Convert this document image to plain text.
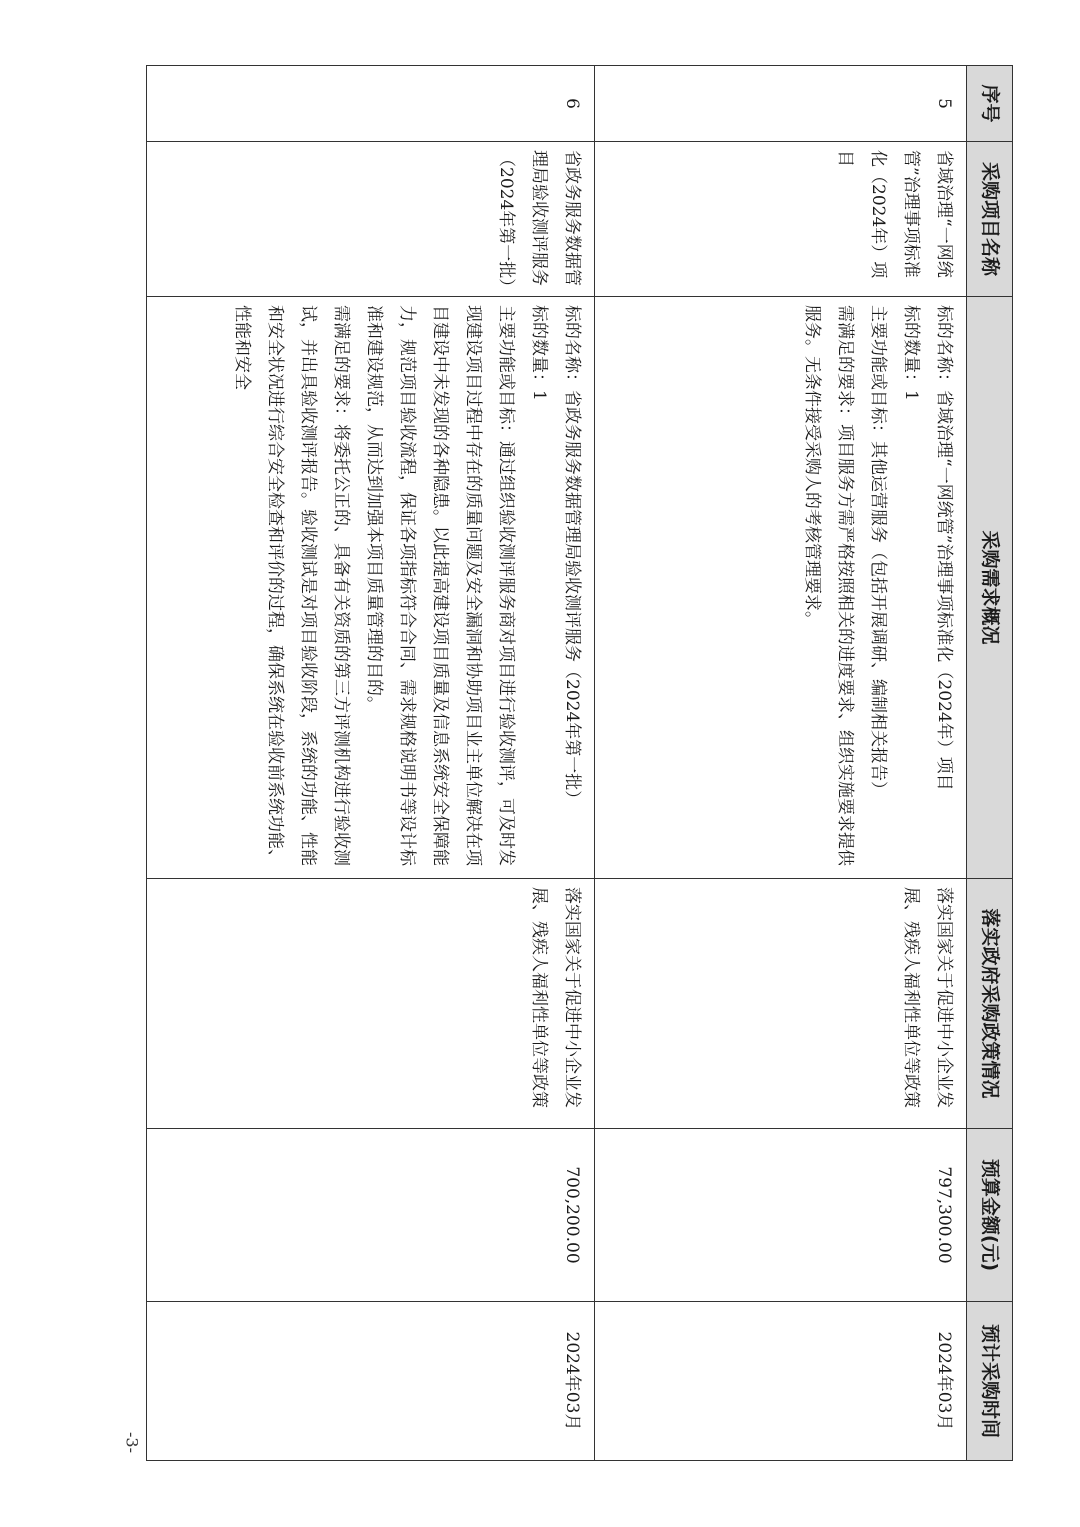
序号	采购项目名称	采购需求概况	落实政府采购政策情况	预算金额(元)	预计采购时间
5	省域治理“一网统管”治理事项标准化（2024年）项目	标的名称：省域治理“一网统管”治理事项标准化（2024年）项目
标的数量：1
主要功能或目标：其他运营服务（包括开展调研、编制相关报告）
需满足的要求：项目服务方需严格按照相关的进度要求、组织实施要求提供服务。无条件接受采购人的考核管理要求。	落实国家关于促进中小企业发展、残疾人福利性单位等政策	797,300.00	2024年03月
6	省政务服务数据管理局验收测评服务（2024年第一批）	标的名称：省政务服务数据管理局验收测评服务（2024年第一批）
标的数量：1
主要功能或目标：通过组织验收测评服务商对项目进行验收测评，可及时发现建设项目过程中存在的质量问题及安全漏洞和协助项目业主单位解决在项目建设中未发现的各种隐患。以此提高建设项目质量及信息系统安全保障能力，规范项目验收流程，保证各项指标符合合同、需求规格说明书等设计标准和建设规范，从而达到加强本项目质量管理的目的。
需满足的要求：将委托公正的、具备有关资质的第三方评测机构进行验收测试，并出具验收测评报告。验收测试是对项目验收阶段，系统的功能、性能和安全状况进行综合安全检查和评价的过程，确保系统在验收前系统功能、性能和安全	落实国家关于促进中小企业发展、残疾人福利性单位等政策	700,200.00	2024年03月
-3-
